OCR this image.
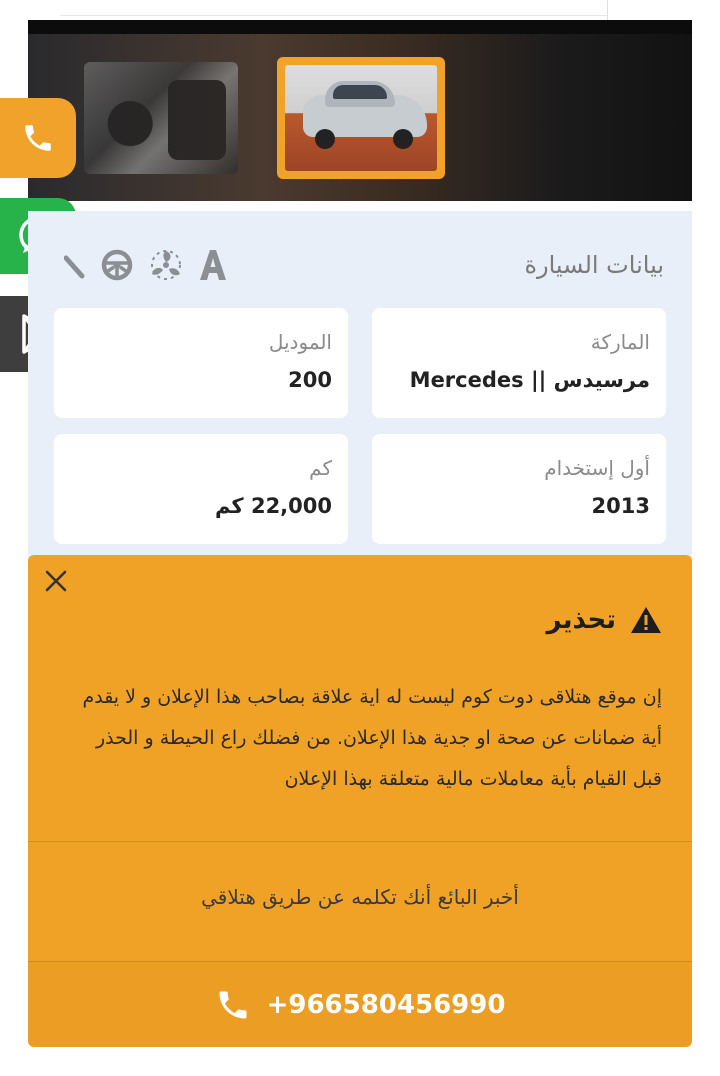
بيانات السيارة
الماركة
مرسيدس || Mercedes
الموديل
200
أول إستخدام
2013
كم
22,000 كم
تحذير
إن موقع هتلاقى دوت كوم ليست له اية علاقة بصاحب هذا الإعلان و لا يقدم أية ضمانات عن صحة او جدية هذا الإعلان. من فضلك راع الحيطة و الحذر قبل القيام بأية معاملات مالية متعلقة بهذا الإعلان
أخبر البائع أنك تكلمه عن طريق هتلاقي
+966580456990
